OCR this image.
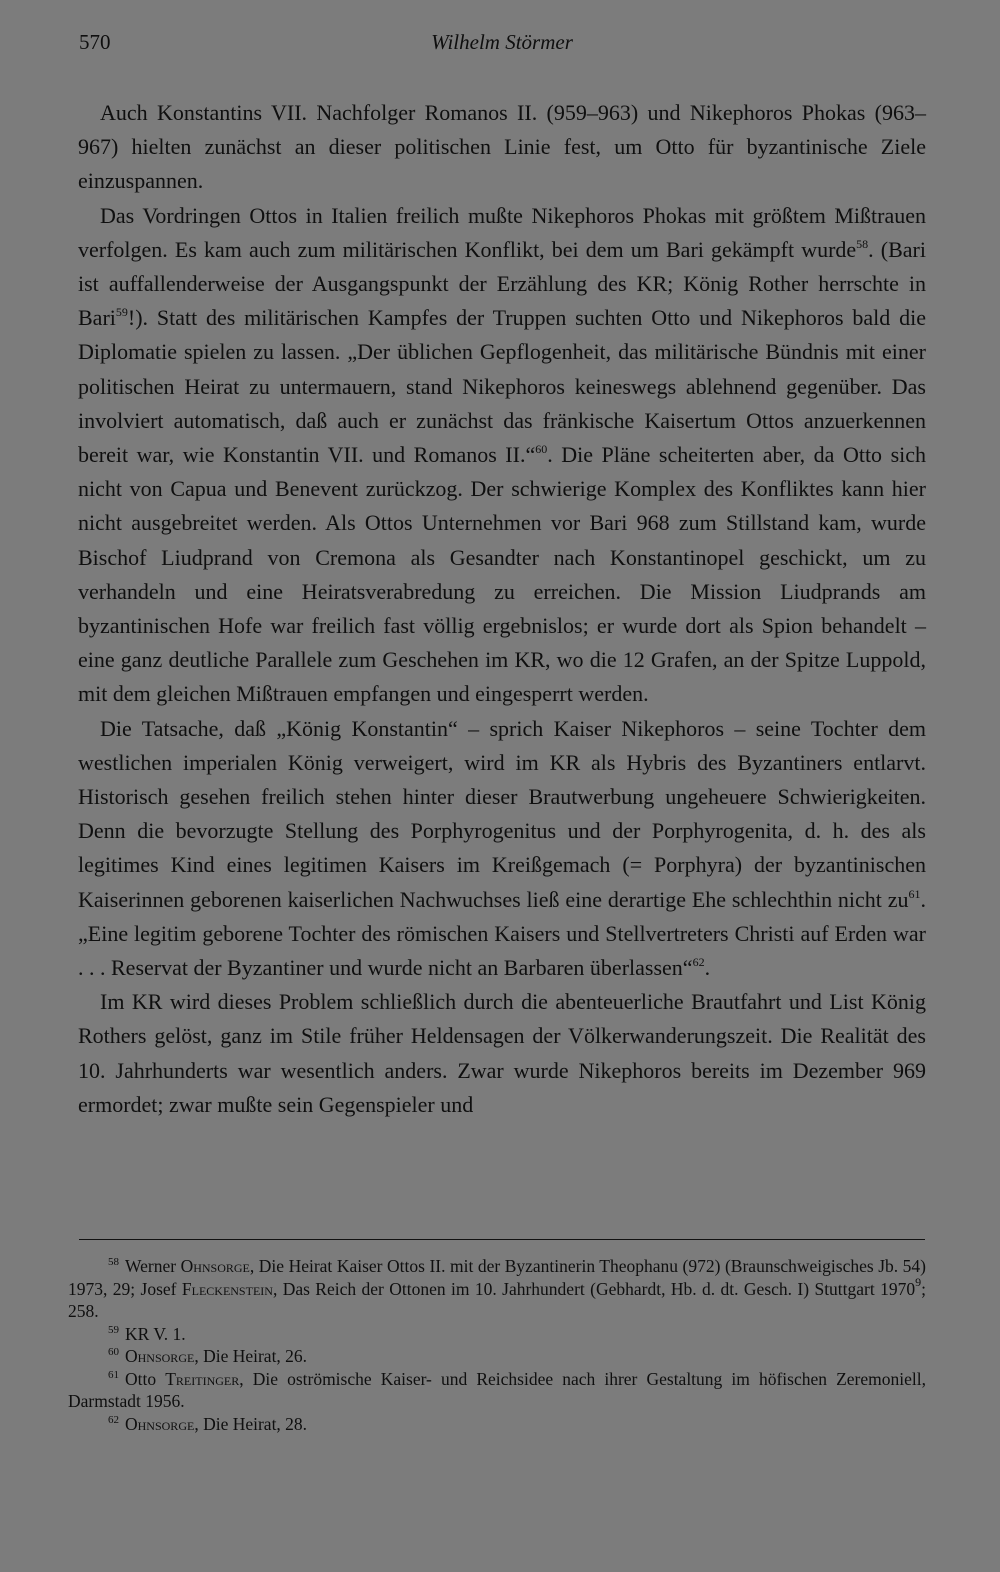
570	Wilhelm Störmer

Auch Konstantins VII. Nachfolger Romanos II. (959–963) und Nikephoros Phokas (963–967) hielten zunächst an dieser politischen Linie fest, um Otto für byzantinische Ziele einzuspannen.

Das Vordringen Ottos in Italien freilich mußte Nikephoros Phokas mit größtem Mißtrauen verfolgen. Es kam auch zum militärischen Konflikt, bei dem um Bari gekämpft wurde$^{58}$. (Bari ist auffallenderweise der Ausgangspunkt der Erzählung des KR; König Rother herrschte in Bari$^{59}$!). Statt des militärischen Kampfes der Truppen suchten Otto und Nikephoros bald die Diplomatie spielen zu lassen. „Der üblichen Gepflogenheit, das militärische Bündnis mit einer politischen Heirat zu untermauern, stand Nikephoros keineswegs ablehnend gegenüber. Das involviert automatisch, daß auch er zunächst das fränkische Kaisertum Ottos anzuerkennen bereit war, wie Konstantin VII. und Romanos II.“$^{60}$. Die Pläne scheiterten aber, da Otto sich nicht von Capua und Benevent zurückzog. Der schwierige Komplex des Konfliktes kann hier nicht ausgebreitet werden. Als Ottos Unternehmen vor Bari 968 zum Stillstand kam, wurde Bischof Liudprand von Cremona als Gesandter nach Konstantinopel geschickt, um zu verhandeln und eine Heiratsverabredung zu erreichen. Die Mission Liudprands am byzantinischen Hofe war freilich fast völlig ergebnislos; er wurde dort als Spion behandelt – eine ganz deutliche Parallele zum Geschehen im KR, wo die 12 Grafen, an der Spitze Luppold, mit dem gleichen Mißtrauen empfangen und eingesperrt werden.

Die Tatsache, daß „König Konstantin“ – sprich Kaiser Nikephoros – seine Tochter dem westlichen imperialen König verweigert, wird im KR als Hybris des Byzantiners entlarvt. Historisch gesehen freilich stehen hinter dieser Brautwerbung ungeheuere Schwierigkeiten. Denn die bevorzugte Stellung des Porphyrogenitus und der Porphyrogenita, d. h. des als legitimes Kind eines legitimen Kaisers im Kreißgemach (= Porphyra) der byzantinischen Kaiserinnen geborenen kaiserlichen Nachwuchses ließ eine derartige Ehe schlechthin nicht zu$^{61}$. „Eine legitim geborene Tochter des römischen Kaisers und Stellvertreters Christi auf Erden war . . . Reservat der Byzantiner und wurde nicht an Barbaren überlassen“$^{62}$.

Im KR wird dieses Problem schließlich durch die abenteuerliche Brautfahrt und List König Rothers gelöst, ganz im Stile früher Heldensagen der Völkerwanderungszeit. Die Realität des 10. Jahrhunderts war wesentlich anders. Zwar wurde Nikephoros bereits im Dezember 969 ermordet; zwar mußte sein Gegenspieler und

$^{58}$ Werner Ohnsorge, Die Heirat Kaiser Ottos II. mit der Byzantinerin Theophanu (972) (Braunschweigisches Jb. 54) 1973, 29; Josef Fleckenstein, Das Reich der Ottonen im 10. Jahrhundert (Gebhardt, Hb. d. dt. Gesch. I) Stuttgart 1970$^9$; 258.

$^{59}$ KR V. 1.

$^{60}$ Ohnsorge, Die Heirat, 26.

$^{61}$ Otto Treitinger, Die oströmische Kaiser- und Reichsidee nach ihrer Gestaltung im höfischen Zeremoniell, Darmstadt 1956.

$^{62}$ Ohnsorge, Die Heirat, 28.
